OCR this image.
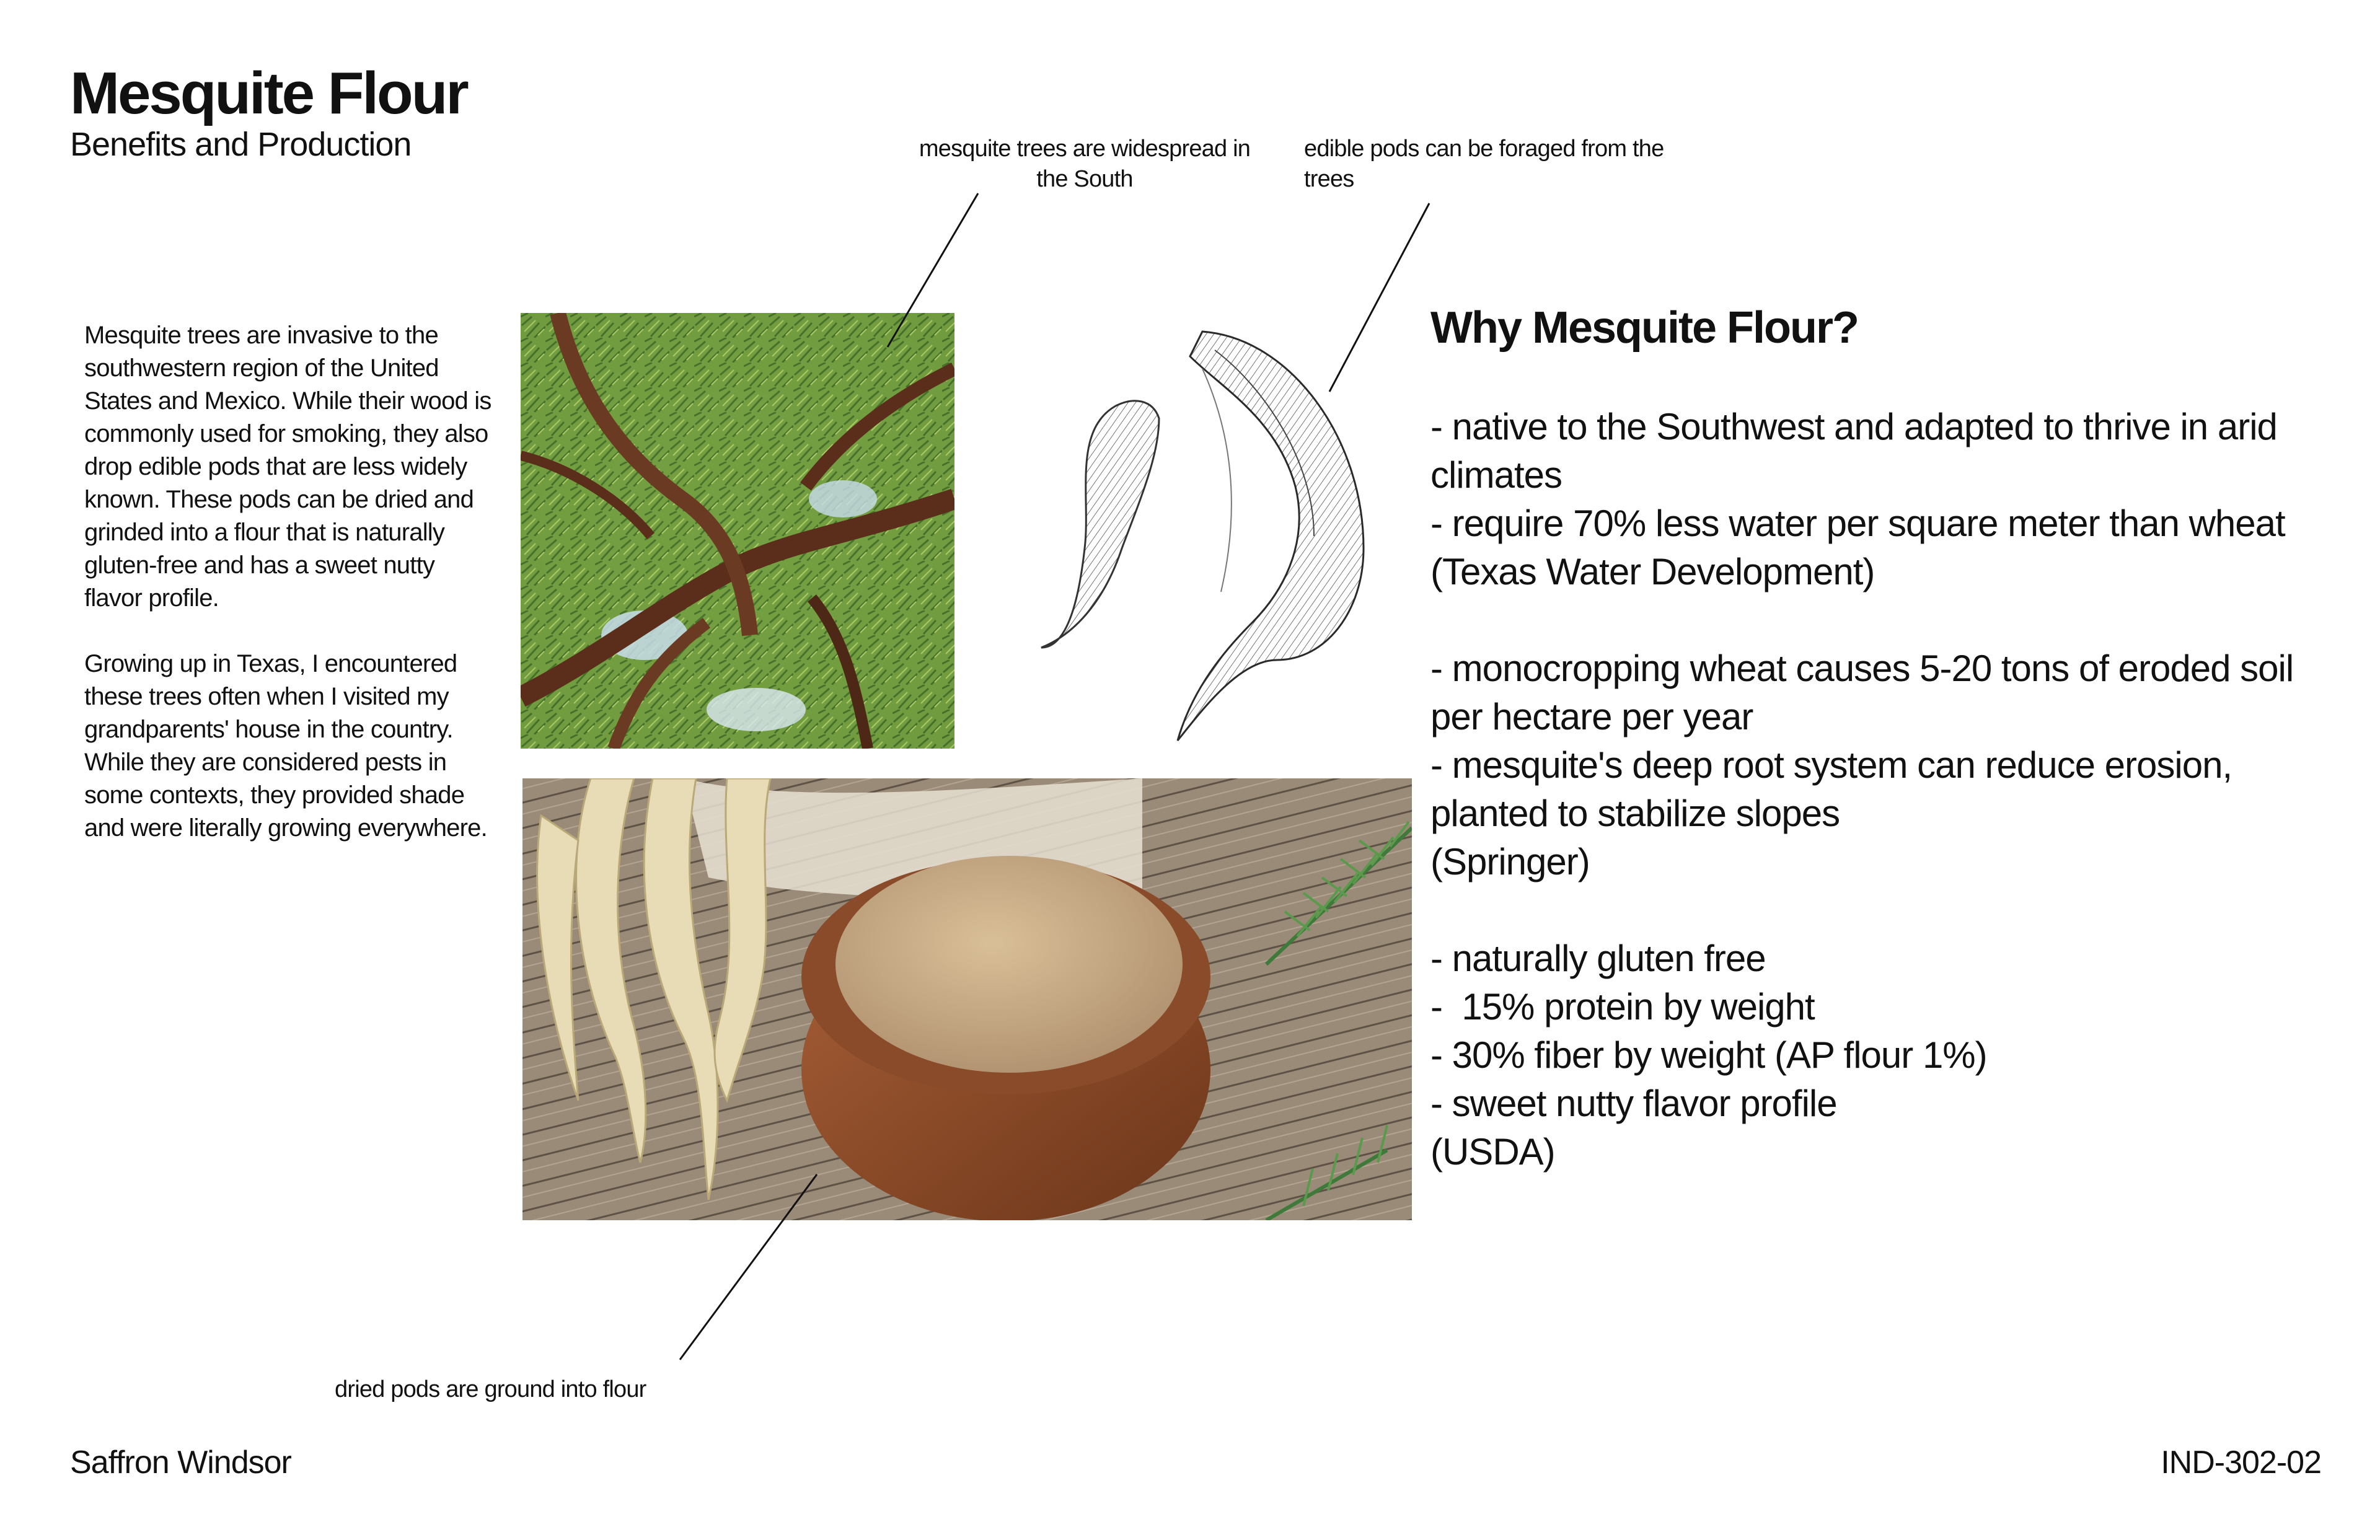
Mesquite Flour
Benefits and Production

Mesquite trees are invasive to the southwestern region of the United States and Mexico. While their wood is commonly used for smoking, they also drop edible pods that are less widely known. These pods can be dried and grinded into a flour that is naturally gluten-free and has a sweet nutty flavor profile.

Growing up in Texas, I encountered these trees often when I visited my grandparents' house in the country. While they are considered pests in some contexts, they provided shade and were literally growing everywhere.

mesquite trees are widespread in the South
edible pods can be foraged from the trees
dried pods are ground into flour
Why Mesquite Flour?

- native to the Southwest and adapted to thrive in arid climates
- require 70% less water per square meter than wheat
(Texas Water Development)

- monocropping wheat causes 5-20 tons of eroded soil per hectare per year
- mesquite's deep root system can reduce erosion, planted to stabilize slopes
(Springer)

- naturally gluten free
-  15% protein by weight
- 30% fiber by weight (AP flour 1%)
- sweet nutty flavor profile
(USDA)

Saffron Windsor	IND-302-02
